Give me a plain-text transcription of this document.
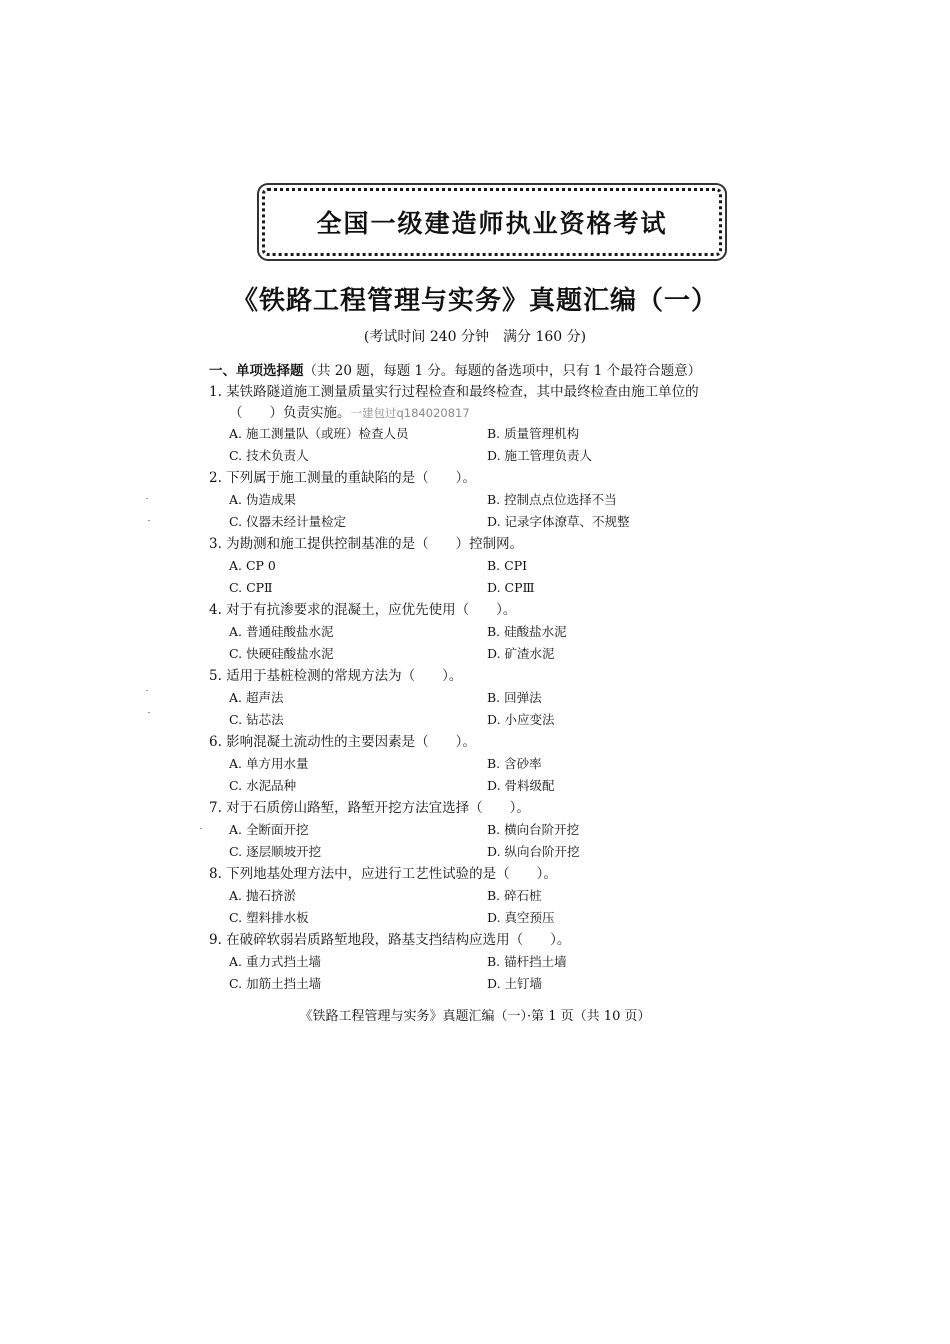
全国一级建造师执业资格考试
《铁路工程管理与实务》真题汇编（一）
(考试时间 240 分钟　满分 160 分)
一、单项选择题（共 20 题，每题 1 分。每题的备选项中，只有 1 个最符合题意）
1. 某铁路隧道施工测量质量实行过程检查和最终检查，其中最终检查由施工单位的
（　　）负责实施。一建包过q184020817
A. 施工测量队（或班）检查人员	B. 质量管理机构
C. 技术负责人	D. 施工管理负责人
2. 下列属于施工测量的重缺陷的是（　　）。
A. 伪造成果	B. 控制点点位选择不当
C. 仪器未经计量检定	D. 记录字体潦草、不规整
3. 为勘测和施工提供控制基准的是（　　）控制网。
A. CP 0	B. CPⅠ
C. CPⅡ	D. CPⅢ
4. 对于有抗渗要求的混凝土，应优先使用（　　）。
A. 普通硅酸盐水泥	B. 硅酸盐水泥
C. 快硬硅酸盐水泥	D. 矿渣水泥
5. 适用于基桩检测的常规方法为（　　）。
A. 超声法	B. 回弹法
C. 钻芯法	D. 小应变法
6. 影响混凝土流动性的主要因素是（　　）。
A. 单方用水量	B. 含砂率
C. 水泥品种	D. 骨料级配
7. 对于石质傍山路堑，路堑开挖方法宜选择（　　）。
A. 全断面开挖	B. 横向台阶开挖
C. 逐层顺坡开挖	D. 纵向台阶开挖
8. 下列地基处理方法中，应进行工艺性试验的是（　　）。
A. 抛石挤淤	B. 碎石桩
C. 塑料排水板	D. 真空预压
9. 在破碎软弱岩质路堑地段，路基支挡结构应选用（　　）。
A. 重力式挡土墙	B. 锚杆挡土墙
C. 加筋土挡土墙	D. 土钉墙
《铁路工程管理与实务》真题汇编（一）·第 1 页（共 10 页）
